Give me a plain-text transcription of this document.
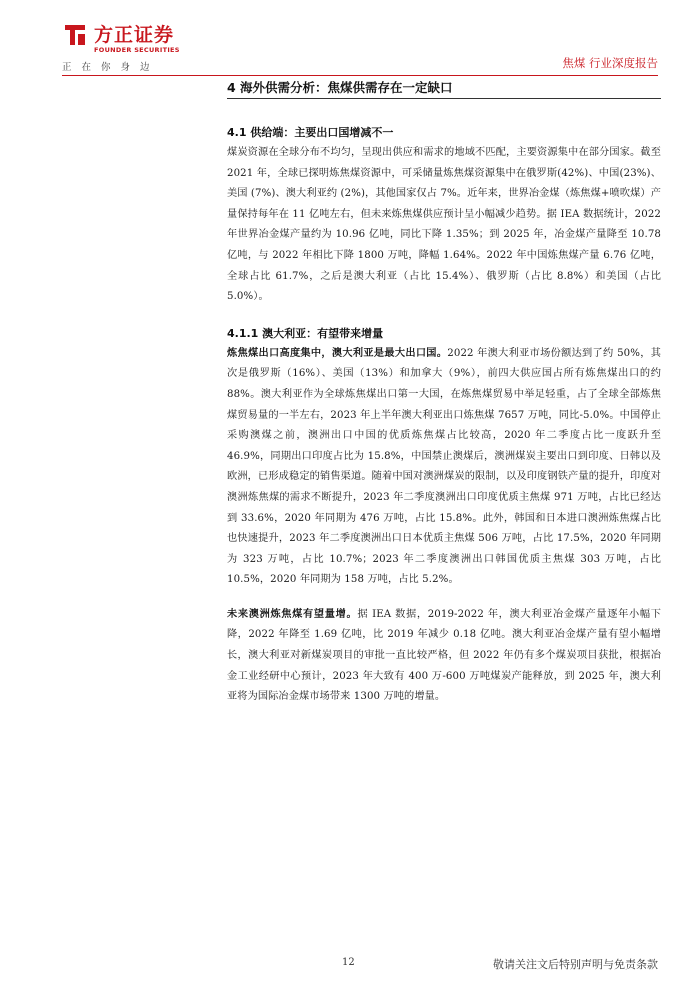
方正证券
FOUNDER SECURITIES
正在你身边	焦煤 行业深度报告
4 海外供需分析：焦煤供需存在一定缺口
4.1 供给端：主要出口国增减不一

煤炭资源在全球分布不均匀，呈现出供应和需求的地域不匹配，主要资源集中在部分国家。截至 2021 年，全球已探明炼焦煤资源中，可采储量炼焦煤资源集中在俄罗斯(42%)、中国(23%)、美国 (7%)、澳大利亚约 (2%)，其他国家仅占 7%。近年来，世界冶金煤（炼焦煤+喷吹煤）产量保持每年在 11 亿吨左右，但未来炼焦煤供应预计呈小幅减少趋势。据 IEA 数据统计，2022 年世界冶金煤产量约为 10.96 亿吨，同比下降 1.35%；到 2025 年，冶金煤产量降至 10.78 亿吨，与 2022 年相比下降 1800 万吨，降幅 1.64%。2022 年中国炼焦煤产量 6.76 亿吨，全球占比 61.7%，之后是澳大利亚（占比 15.4%）、俄罗斯（占比 8.8%）和美国（占比 5.0%）。

4.1.1 澳大利亚：有望带来增量

炼焦煤出口高度集中，澳大利亚是最大出口国。2022 年澳大利亚市场份额达到了约 50%，其次是俄罗斯（16%）、美国（13%）和加拿大（9%），前四大供应国占所有炼焦煤出口的约 88%。澳大利亚作为全球炼焦煤出口第一大国，在炼焦煤贸易中举足轻重，占了全球全部炼焦煤贸易量的一半左右，2023 年上半年澳大利亚出口炼焦煤 7657 万吨，同比-5.0%。中国停止采购澳煤之前，澳洲出口中国的优质炼焦煤占比较高，2020 年二季度占比一度跃升至 46.9%，同期出口印度占比为 15.8%，中国禁止澳煤后，澳洲煤炭主要出口到印度、日韩以及欧洲，已形成稳定的销售渠道。随着中国对澳洲煤炭的限制，以及印度钢铁产量的提升，印度对澳洲炼焦煤的需求不断提升，2023 年二季度澳洲出口印度优质主焦煤 971 万吨，占比已经达到 33.6%，2020 年同期为 476 万吨，占比 15.8%。此外，韩国和日本进口澳洲炼焦煤占比也快速提升，2023 年二季度澳洲出口日本优质主焦煤 506 万吨，占比 17.5%，2020 年同期为 323 万吨，占比 10.7%；2023 年二季度澳洲出口韩国优质主焦煤 303 万吨，占比 10.5%，2020 年同期为 158 万吨，占比 5.2%。

未来澳洲炼焦煤有望量增。据 IEA 数据，2019-2022 年，澳大利亚冶金煤产量逐年小幅下降，2022 年降至 1.69 亿吨，比 2019 年减少 0.18 亿吨。澳大利亚冶金煤产量有望小幅增长，澳大利亚对新煤炭项目的审批一直比较严格，但 2022 年仍有多个煤炭项目获批，根据冶金工业经研中心预计，2023 年大致有 400 万-600 万吨煤炭产能释放，到 2025 年，澳大利亚将为国际冶金煤市场带来 1300 万吨的增量。

12	敬请关注文后特别声明与免责条款
